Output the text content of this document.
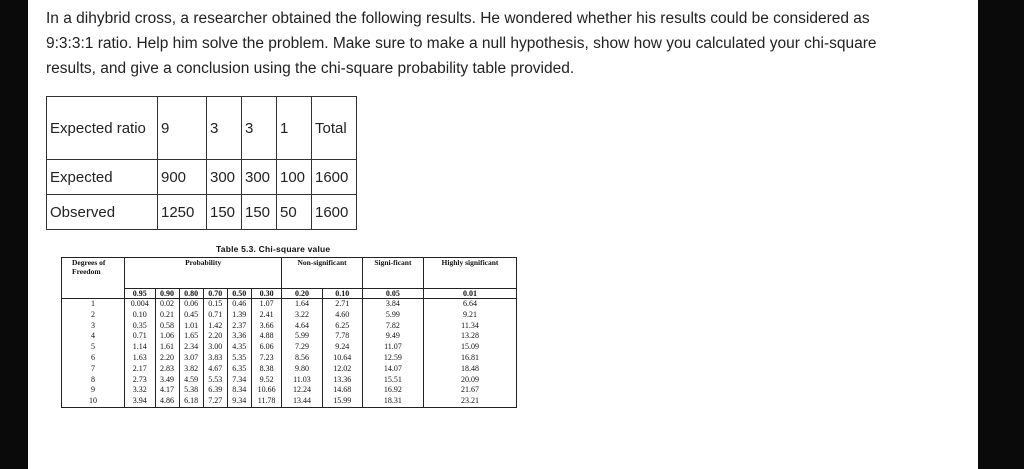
In a dihybrid cross, a researcher obtained the following results. He wondered whether his results could be considered as

9:3:3:1 ratio. Help him solve the problem. Make sure to make a null hypothesis, show how you calculated your chi-square

results, and give a conclusion using the chi-square probability table provided.

Expected ratio	9	3	3	1	Total
Expected	900	300	300	100	1600
Observed	1250	150	150	50	1600
Table 5.3. Chi-square value
Degrees of Freedom	Probability						Non-significant		Signi-ficant	Highly significant
	0.95	0.90	0.80	0.70	0.50	0.30	0.20	0.10	0.05	0.01
1	0.004	0.02	0.06	0.15	0.46	1.07	1.64	2.71	3.84	6.64
2	0.10	0.21	0.45	0.71	1.39	2.41	3.22	4.60	5.99	9.21
3	0.35	0.58	1.01	1.42	2.37	3.66	4.64	6.25	7.82	11.34
4	0.71	1.06	1.65	2.20	3.36	4.88	5.99	7.78	9.49	13.28
5	1.14	1.61	2.34	3.00	4.35	6.06	7.29	9.24	11.07	15.09
6	1.63	2.20	3.07	3.83	5.35	7.23	8.56	10.64	12.59	16.81
7	2.17	2.83	3.82	4.67	6.35	8.38	9.80	12.02	14.07	18.48
8	2.73	3.49	4.59	5.53	7.34	9.52	11.03	13.36	15.51	20.09
9	3.32	4.17	5.38	6.39	8.34	10.66	12.24	14.68	16.92	21.67
10	3.94	4.86	6.18	7.27	9.34	11.78	13.44	15.99	18.31	23.21
